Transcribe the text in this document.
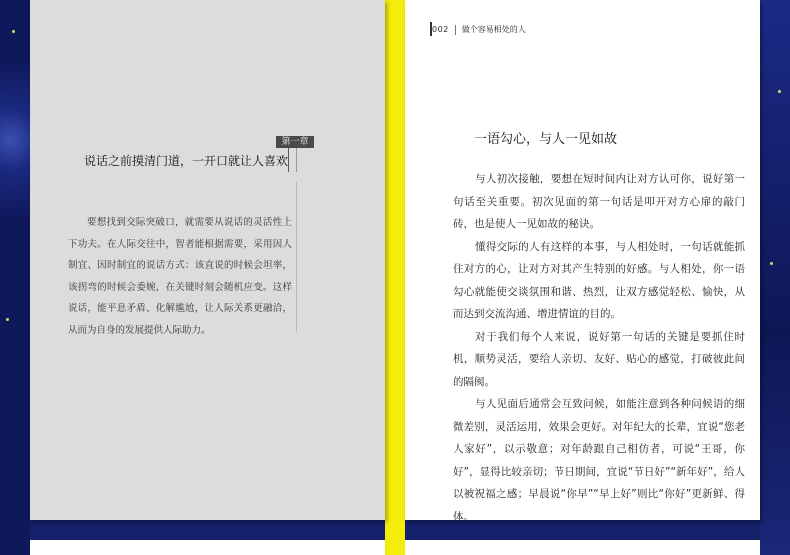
第一章
说话之前摸清门道，一开口就让人喜欢
要想找到交际突破口，就需要从说话的灵活性上下功夫。在人际交往中，智者能根据需要，采用因人制宜、因时制宜的说话方式：该直说的时候会坦率，该拐弯的时候会委婉，在关键时刻会随机应变。这样说话，能平息矛盾、化解尴尬，让人际关系更融洽，从而为自身的发展提供人际助力。
002 做个容易相处的人
一语勾心，与人一见如故

与人初次接触，要想在短时间内让对方认可你，说好第一句话至关重要。初次见面的第一句话是叩开对方心扉的敲门砖，也是使人一见如故的秘诀。

懂得交际的人有这样的本事，与人相处时，一句话就能抓住对方的心，让对方对其产生特别的好感。与人相处，你一语勾心就能使交谈氛围和谐、热烈，让双方感觉轻松、愉快，从而达到交流沟通、增进情谊的目的。

对于我们每个人来说，说好第一句话的关键是要抓住时机，顺势灵活，要给人亲切、友好、贴心的感觉，打破彼此间的隔阂。

与人见面后通常会互致问候，如能注意到各种问候语的细微差别，灵活运用，效果会更好。对年纪大的长辈，宜说“您老人家好”，以示敬意；对年龄跟自己相仿者，可说“王哥，你好”，显得比较亲切；节日期间，宜说“节日好”“新年好”，给人以被祝福之感；早晨说“你早”“早上好”则比“你好”更新鲜、得体。
